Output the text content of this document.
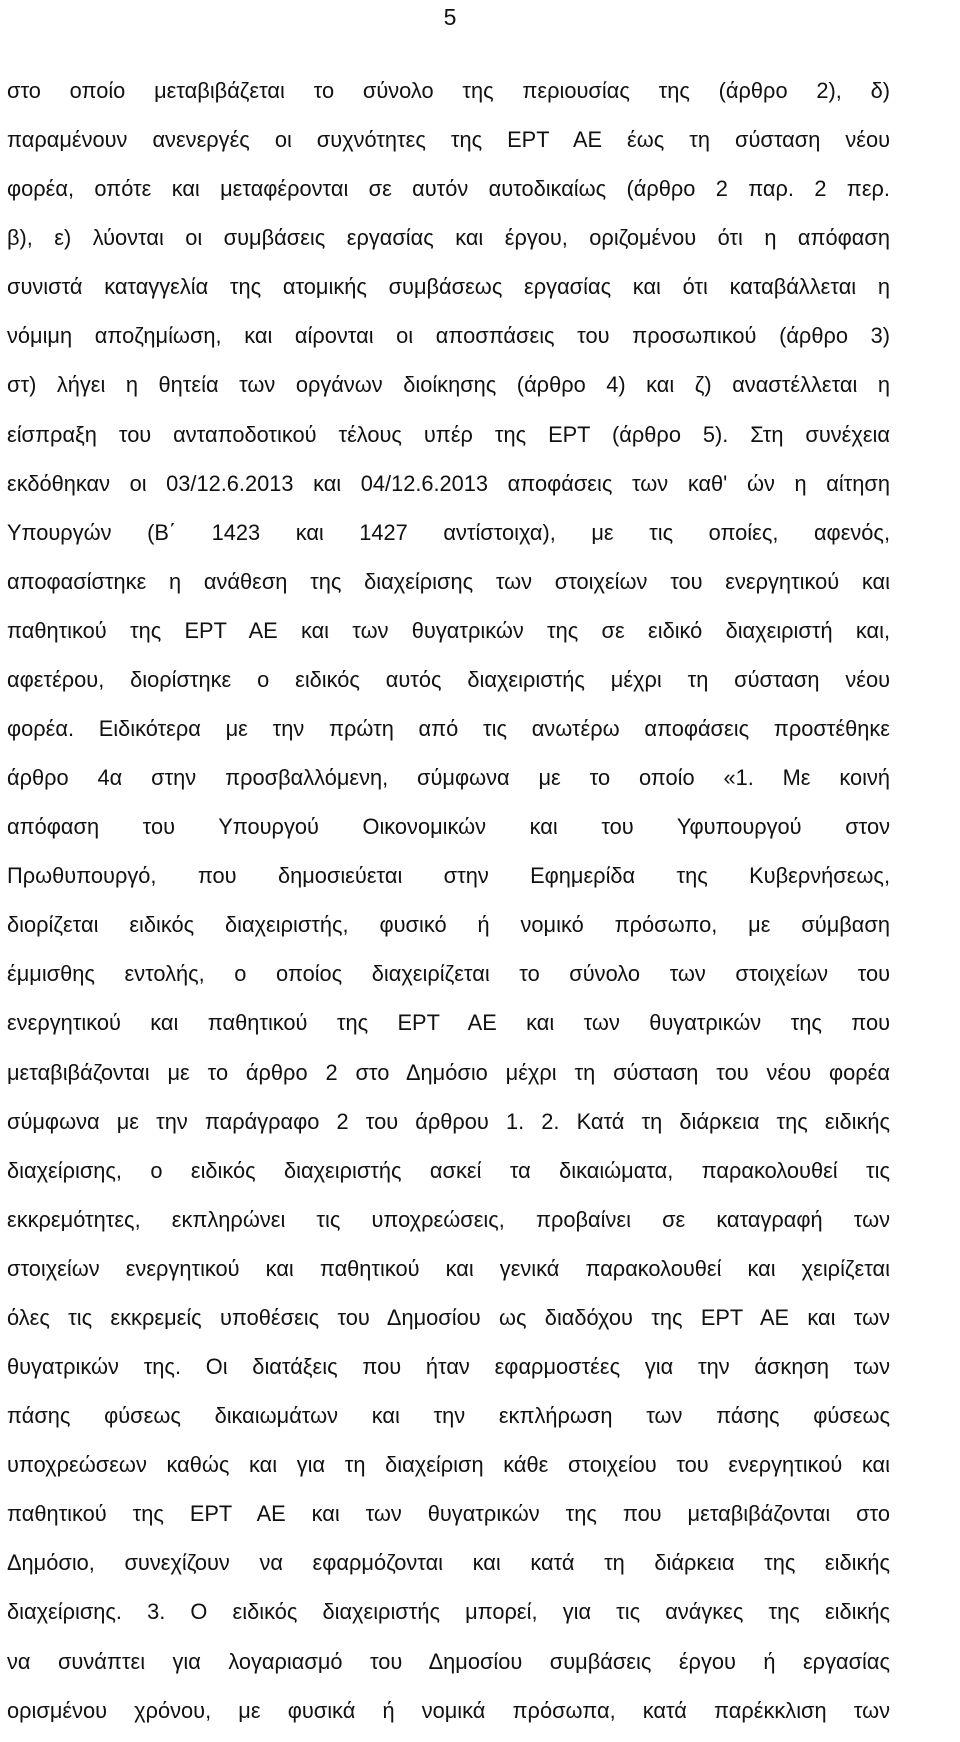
5
στο οποίο μεταβιβάζεται το σύνολο της περιουσίας της (άρθρο 2), δ)
παραμένουν ανενεργές οι συχνότητες της ΕΡΤ ΑΕ έως τη σύσταση νέου
φορέα, οπότε και μεταφέρονται σε αυτόν αυτοδικαίως (άρθρο 2 παρ. 2 περ.
β), ε) λύονται οι συμβάσεις εργασίας και έργου, οριζομένου ότι η απόφαση
συνιστά καταγγελία της ατομικής συμβάσεως εργασίας και ότι καταβάλλεται η
νόμιμη αποζημίωση, και αίρονται οι αποσπάσεις του προσωπικού (άρθρο 3)
στ) λήγει η θητεία των οργάνων διοίκησης (άρθρο 4) και ζ) αναστέλλεται η
είσπραξη του ανταποδοτικού τέλους υπέρ της ΕΡΤ (άρθρο 5). Στη συνέχεια
εκδόθηκαν οι 03/12.6.2013 και 04/12.6.2013 αποφάσεις των καθ' ών η αίτηση
Υπουργών (Β΄ 1423 και 1427 αντίστοιχα), με τις οποίες, αφενός,
αποφασίστηκε η ανάθεση της διαχείρισης των στοιχείων του ενεργητικού και
παθητικού της ΕΡΤ ΑΕ και των θυγατρικών της σε ειδικό διαχειριστή και,
αφετέρου, διορίστηκε ο ειδικός αυτός διαχειριστής μέχρι τη σύσταση νέου
φορέα. Ειδικότερα με την πρώτη από τις ανωτέρω αποφάσεις προστέθηκε
άρθρο 4α στην προσβαλλόμενη, σύμφωνα με το οποίο «1. Με κοινή
απόφαση του Υπουργού Οικονομικών και του Υφυπουργού στον
Πρωθυπουργό, που δημοσιεύεται στην Εφημερίδα της Κυβερνήσεως,
διορίζεται ειδικός διαχειριστής, φυσικό ή νομικό πρόσωπο, με σύμβαση
έμμισθης εντολής, ο οποίος διαχειρίζεται το σύνολο των στοιχείων του
ενεργητικού και παθητικού της ΕΡΤ ΑΕ και των θυγατρικών της που
μεταβιβάζονται με το άρθρο 2 στο Δημόσιο μέχρι τη σύσταση του νέου φορέα
σύμφωνα με την παράγραφο 2 του άρθρου 1. 2. Κατά τη διάρκεια της ειδικής
διαχείρισης, ο ειδικός διαχειριστής ασκεί τα δικαιώματα, παρακολουθεί τις
εκκρεμότητες, εκπληρώνει τις υποχρεώσεις, προβαίνει σε καταγραφή των
στοιχείων ενεργητικού και παθητικού και γενικά παρακολουθεί και χειρίζεται
όλες τις εκκρεμείς υποθέσεις του Δημοσίου ως διαδόχου της ΕΡΤ ΑΕ και των
θυγατρικών της. Οι διατάξεις που ήταν εφαρμοστέες για την άσκηση των
πάσης φύσεως δικαιωμάτων και την εκπλήρωση των πάσης φύσεως
υποχρεώσεων καθώς και για τη διαχείριση κάθε στοιχείου του ενεργητικού και
παθητικού της ΕΡΤ ΑΕ και των θυγατρικών της που μεταβιβάζονται στο
Δημόσιο, συνεχίζουν να εφαρμόζονται και κατά τη διάρκεια της ειδικής
διαχείρισης. 3. Ο ειδικός διαχειριστής μπορεί, για τις ανάγκες της ειδικής
να συνάπτει για λογαριασμό του Δημοσίου συμβάσεις έργου ή εργασίας
ορισμένου χρόνου, με φυσικά ή νομικά πρόσωπα, κατά παρέκκλιση των
